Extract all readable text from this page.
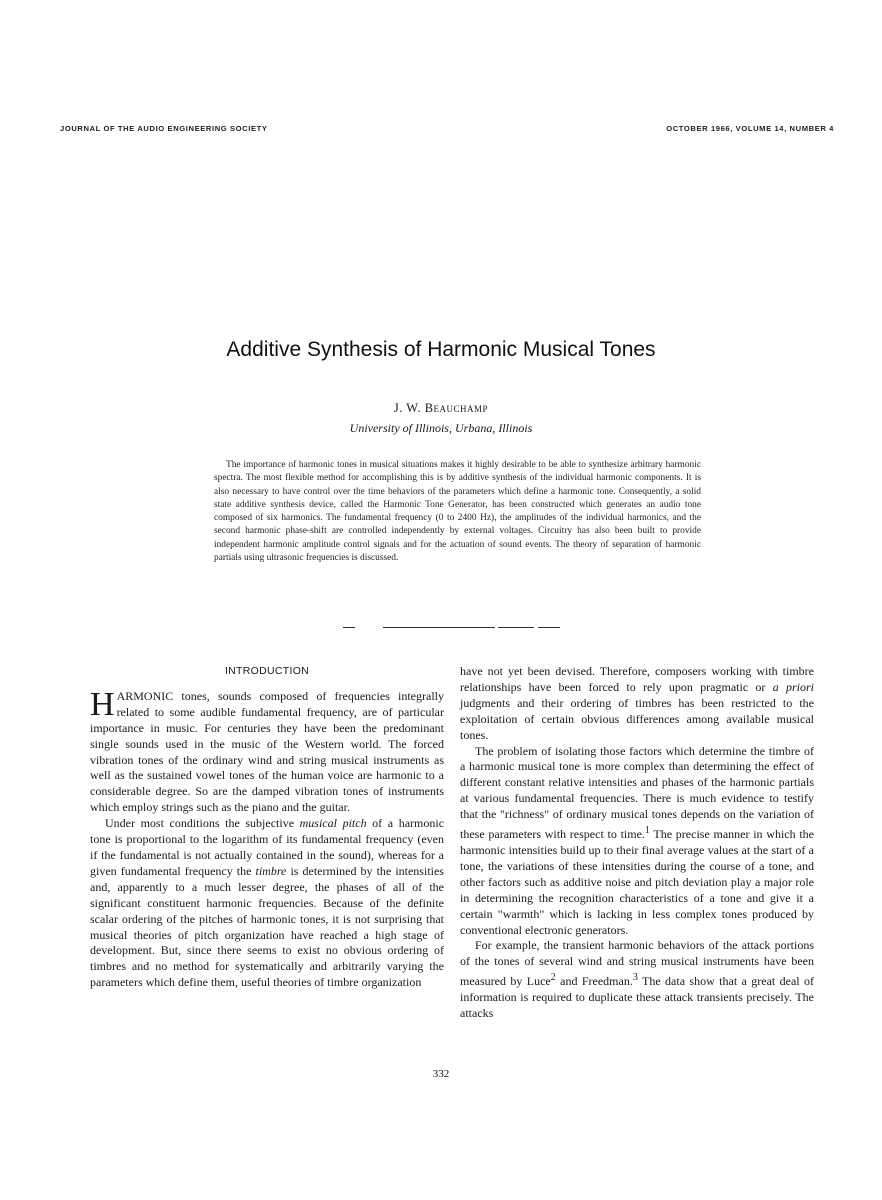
JOURNAL OF THE AUDIO ENGINEERING SOCIETY	OCTOBER 1966, VOLUME 14, NUMBER 4
Additive Synthesis of Harmonic Musical Tones
J. W. Beauchamp
University of Illinois, Urbana, Illinois

The importance of harmonic tones in musical situations makes it highly desirable to be able to synthesize arbitrary harmonic spectra. The most flexible method for accomplishing this is by additive synthesis of the individual harmonic components. It is also necessary to have control over the time behaviors of the parameters which define a harmonic tone. Consequently, a solid state additive synthesis device, called the Harmonic Tone Generator, has been constructed which generates an audio tone composed of six harmonics. The fundamental frequency (0 to 2400 Hz), the amplitudes of the individual harmonics, and the second harmonic phase-shift are controlled independently by external voltages. Circuitry has also been built to provide independent harmonic amplitude control signals and for the actuation of sound events. The theory of separation of harmonic partials using ultrasonic frequencies is discussed.

INTRODUCTION

HARMONIC tones, sounds composed of frequencies integrally related to some audible fundamental frequency, are of particular importance in music. For centuries they have been the predominant single sounds used in the music of the Western world. The forced vibration tones of the ordinary wind and string musical instruments as well as the sustained vowel tones of the human voice are harmonic to a considerable degree. So are the damped vibration tones of instruments which employ strings such as the piano and the guitar.

Under most conditions the subjective musical pitch of a harmonic tone is proportional to the logarithm of its fundamental frequency (even if the fundamental is not actually contained in the sound), whereas for a given fundamental frequency the timbre is determined by the intensities and, apparently to a much lesser degree, the phases of all of the significant constituent harmonic frequencies. Because of the definite scalar ordering of the pitches of harmonic tones, it is not surprising that musical theories of pitch organization have reached a high stage of development. But, since there seems to exist no obvious ordering of timbres and no method for systematically and arbitrarily varying the parameters which define them, useful theories of timbre organization

have not yet been devised. Therefore, composers working with timbre relationships have been forced to rely upon pragmatic or a priori judgments and their ordering of timbres has been restricted to the exploitation of certain obvious differences among available musical tones.

The problem of isolating those factors which determine the timbre of a harmonic musical tone is more complex than determining the effect of different constant relative intensities and phases of the harmonic partials at various fundamental frequencies. There is much evidence to testify that the "richness" of ordinary musical tones depends on the variation of these parameters with respect to time.$^1$ The precise manner in which the harmonic intensities build up to their final average values at the start of a tone, the variations of these intensities during the course of a tone, and other factors such as additive noise and pitch deviation play a major role in determining the recognition characteristics of a tone and give it a certain "warmth" which is lacking in less complex tones produced by conventional electronic generators.

For example, the transient harmonic behaviors of the attack portions of the tones of several wind and string musical instruments have been measured by Luce$^2$ and Freedman.$^3$ The data show that a great deal of information is required to duplicate these attack transients precisely. The attacks

332
